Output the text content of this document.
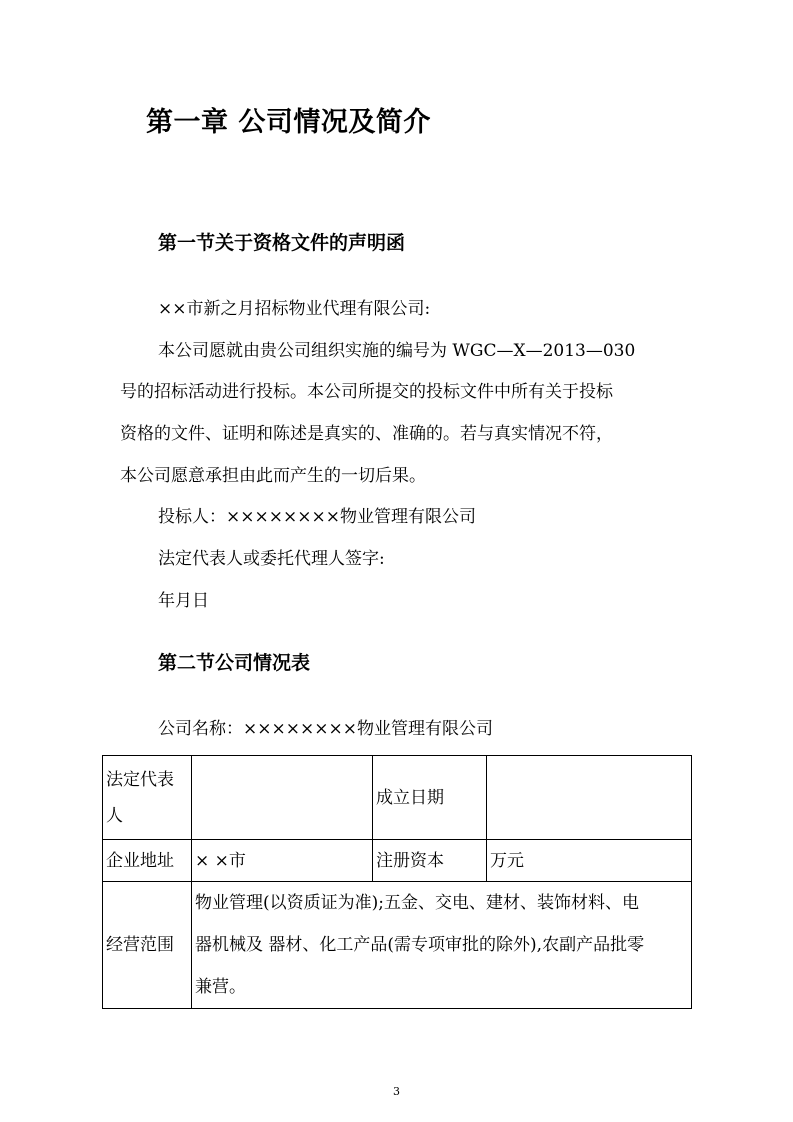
第一章 公司情况及简介
第一节关于资格文件的声明函
××市新之月招标物业代理有限公司:
本公司愿就由贵公司组织实施的编号为 WGC—X—2013—030
号的招标活动进行投标。本公司所提交的投标文件中所有关于投标
资格的文件、证明和陈述是真实的、准确的。若与真实情况不符，
本公司愿意承担由此而产生的一切后果。
投标人：××××××××物业管理有限公司
法定代表人或委托代理人签字:
年月日
第二节公司情况表
公司名称：××××××××物业管理有限公司
法定代表
人		成立日期	
企业地址	× ×市	注册资本	万元
经营范围	物业管理(以资质证为准);五金、交电、建材、装饰材料、电
器机械及 器材、化工产品(需专项审批的除外),农副产品批零
兼营。		
3
